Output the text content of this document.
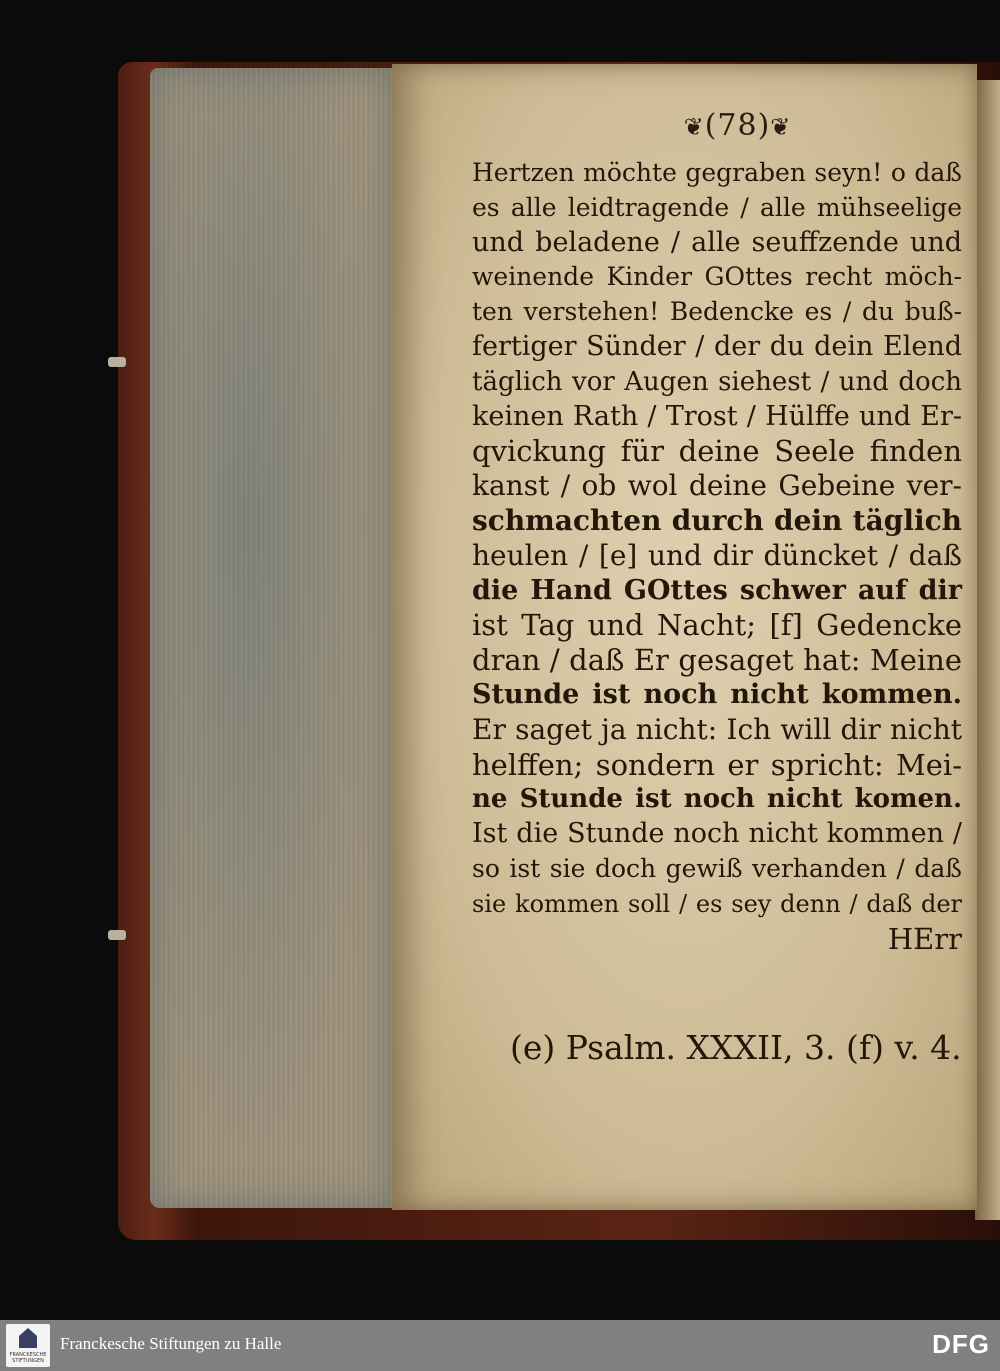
❦(78)❦
Hertzen möchte gegraben seyn! o daß
es alle leidtragende / alle mühseelige
und beladene / alle seuffzende und
weinende Kinder GOttes recht möch-
ten verstehen! Bedencke es / du buß-
fertiger Sünder / der du dein Elend
täglich vor Augen siehest / und doch
keinen Rath / Trost / Hülffe und Er-
qvickung für deine Seele finden
kanst / ob wol deine Gebeine ver-
schmachten durch dein täglich
heulen / [e] und dir düncket / daß
die Hand GOttes schwer auf dir
ist Tag und Nacht; [f] Gedencke
dran / daß Er gesaget hat: Meine
Stunde ist noch nicht kommen.
Er saget ja nicht: Ich will dir nicht
helffen; sondern er spricht: Mei-
ne Stunde ist noch nicht komen.
Ist die Stunde noch nicht kommen /
so ist sie doch gewiß verhanden / daß
sie kommen soll / es sey denn / daß der
HErr
(e) Psalm. XXXII, 3. (f) v. 4.
FRANCKESCHE STIFTUNGEN
Franckesche Stiftungen zu Halle	DFG
